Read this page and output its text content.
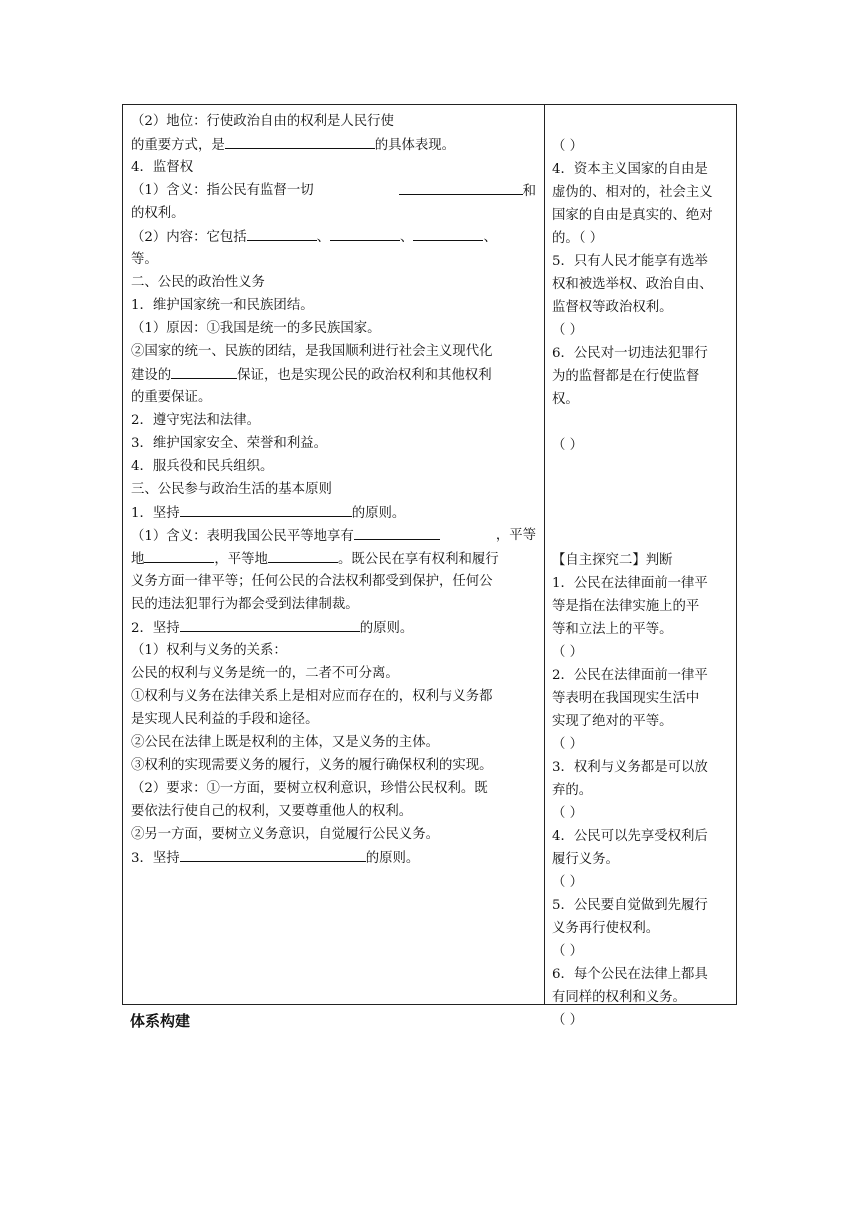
（2）地位：行使政治自由的权利是人民行使
的重要方式，是	的具体表现。
4．监督权
（1）含义：指公民有监督一切	和
的权利。
（2）内容：它包括	、	、	、
等。
二、公民的政治性义务
1．维护国家统一和民族团结。
（1）原因：①我国是统一的多民族国家。
②国家的统一、民族的团结，是我国顺利进行社会主义现代化
建设的	保证，也是实现公民的政治权利和其他权利
的重要保证。
2．遵守宪法和法律。
3．维护国家安全、荣誉和利益。
4．服兵役和民兵组织。
三、公民参与政治生活的基本原则
1．坚持	的原则。
（1）含义：表明我国公民平等地享有	，平等
地	，平等地	。既公民在享有权利和履行
义务方面一律平等；任何公民的合法权利都受到保护，任何公
民的违法犯罪行为都会受到法律制裁。
2．坚持	的原则。
（1）权利与义务的关系：
公民的权利与义务是统一的，二者不可分离。
①权利与义务在法律关系上是相对应而存在的，权利与义务都
是实现人民利益的手段和途径。
②公民在法律上既是权利的主体，又是义务的主体。
③权利的实现需要义务的履行，义务的履行确保权利的实现。
（2）要求：①一方面，要树立权利意识，珍惜公民权利。既
要依法行使自己的权利，又要尊重他人的权利。
②另一方面，要树立义务意识，自觉履行公民义务。
3．坚持	的原则。
（ ）
4．资本主义国家的自由是
虚伪的、相对的，社会主义
国家的自由是真实的、绝对
的。（ ）
5．只有人民才能享有选举
权和被选举权、政治自由、
监督权等政治权利。
（ ）
6．公民对一切违法犯罪行
为的监督都是在行使监督
权。
（ ）
【自主探究二】判断
1．公民在法律面前一律平
等是指在法律实施上的平
等和立法上的平等。
（ ）
2．公民在法律面前一律平
等表明在我国现实生活中
实现了绝对的平等。
（ ）
3．权利与义务都是可以放
弃的。
（ ）
4．公民可以先享受权利后
履行义务。
（ ）
5．公民要自觉做到先履行
义务再行使权利。
（ ）
6．每个公民在法律上都具
有同样的权利和义务。
（ ）
体系构建
